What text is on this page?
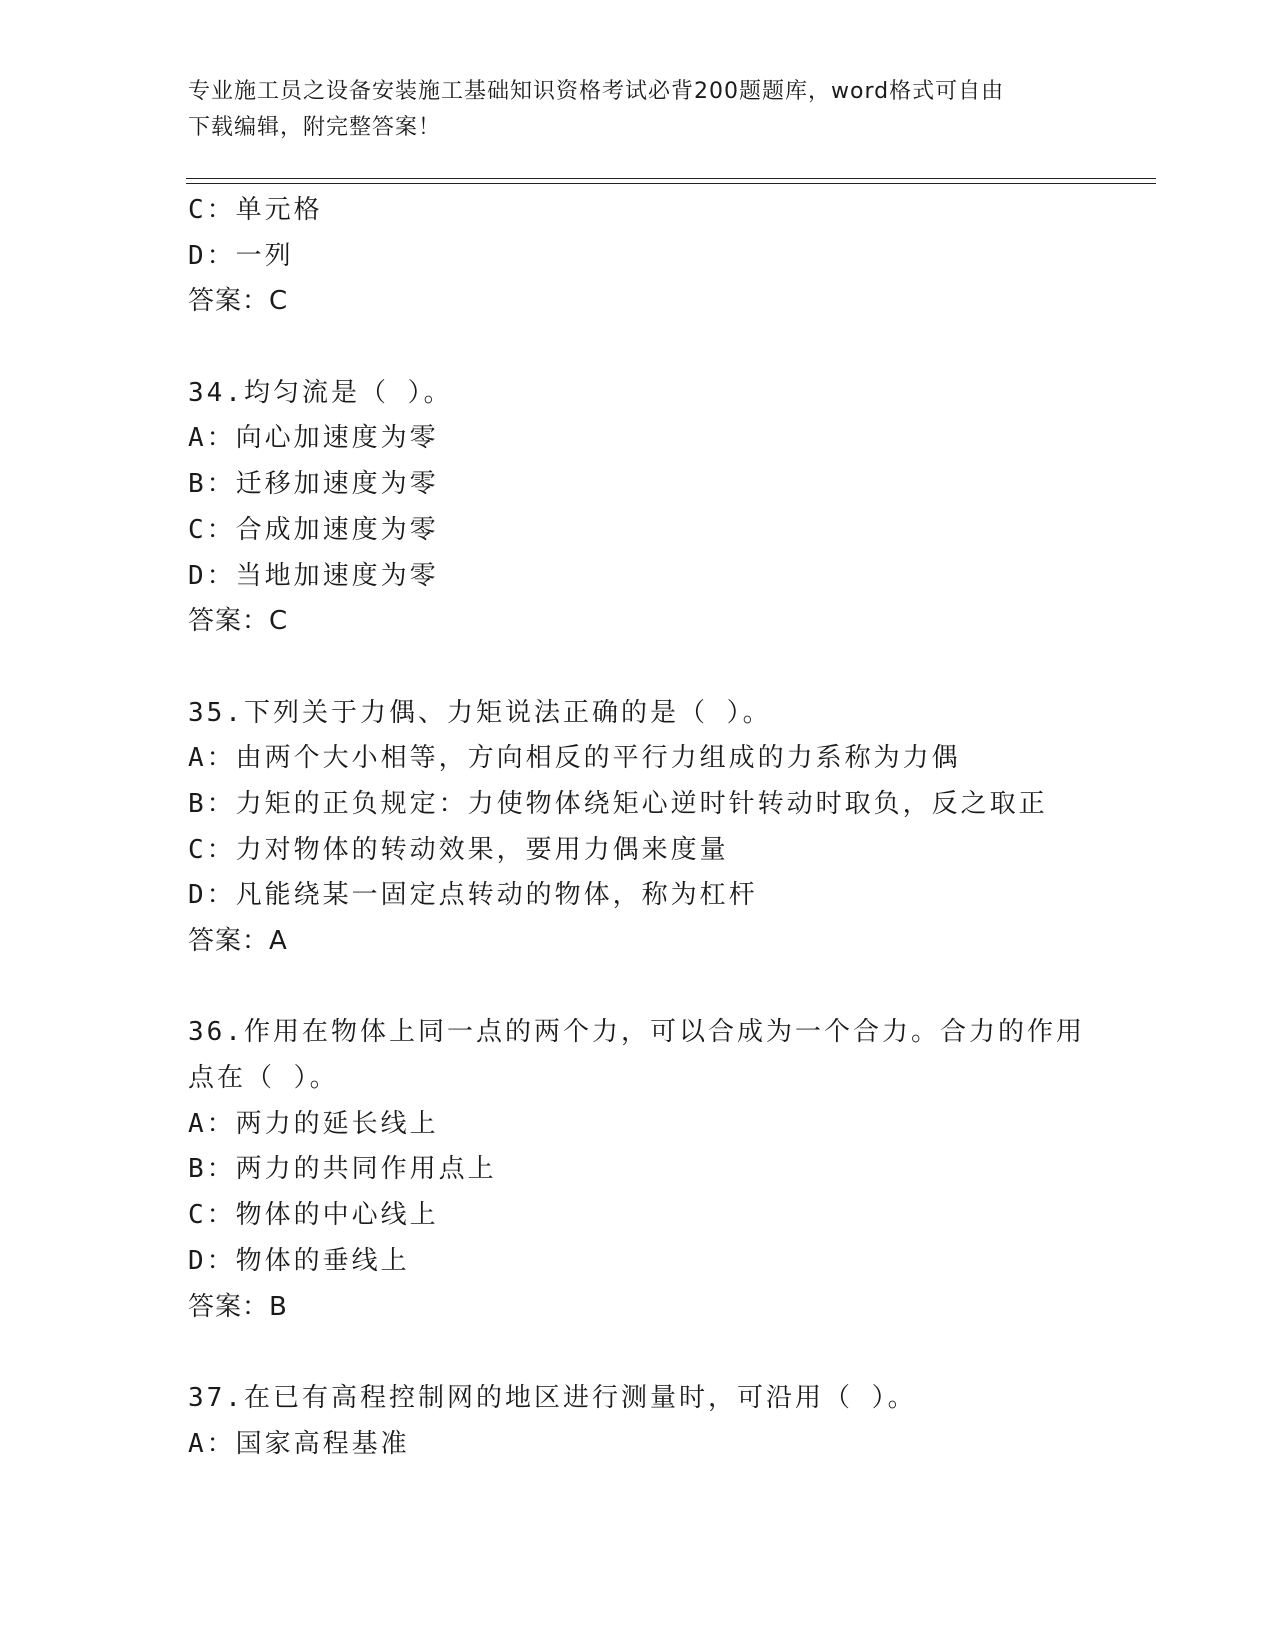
专业施工员之设备安装施工基础知识资格考试必背200题题库，word格式可自由
下载编辑，附完整答案！
C：单元格
D：一列
答案：C
34.均匀流是（ ）。
A：向心加速度为零
B：迁移加速度为零
C：合成加速度为零
D：当地加速度为零
答案：C
35.下列关于力偶、力矩说法正确的是（ ）。
A：由两个大小相等，方向相反的平行力组成的力系称为力偶
B：力矩的正负规定：力使物体绕矩心逆时针转动时取负，反之取正
C：力对物体的转动效果，要用力偶来度量
D：凡能绕某一固定点转动的物体，称为杠杆
答案：A
36.作用在物体上同一点的两个力，可以合成为一个合力。合力的作用
点在（ ）。
A：两力的延长线上
B：两力的共同作用点上
C：物体的中心线上
D：物体的垂线上
答案：B
37.在已有高程控制网的地区进行测量时，可沿用（ ）。
A：国家高程基准
